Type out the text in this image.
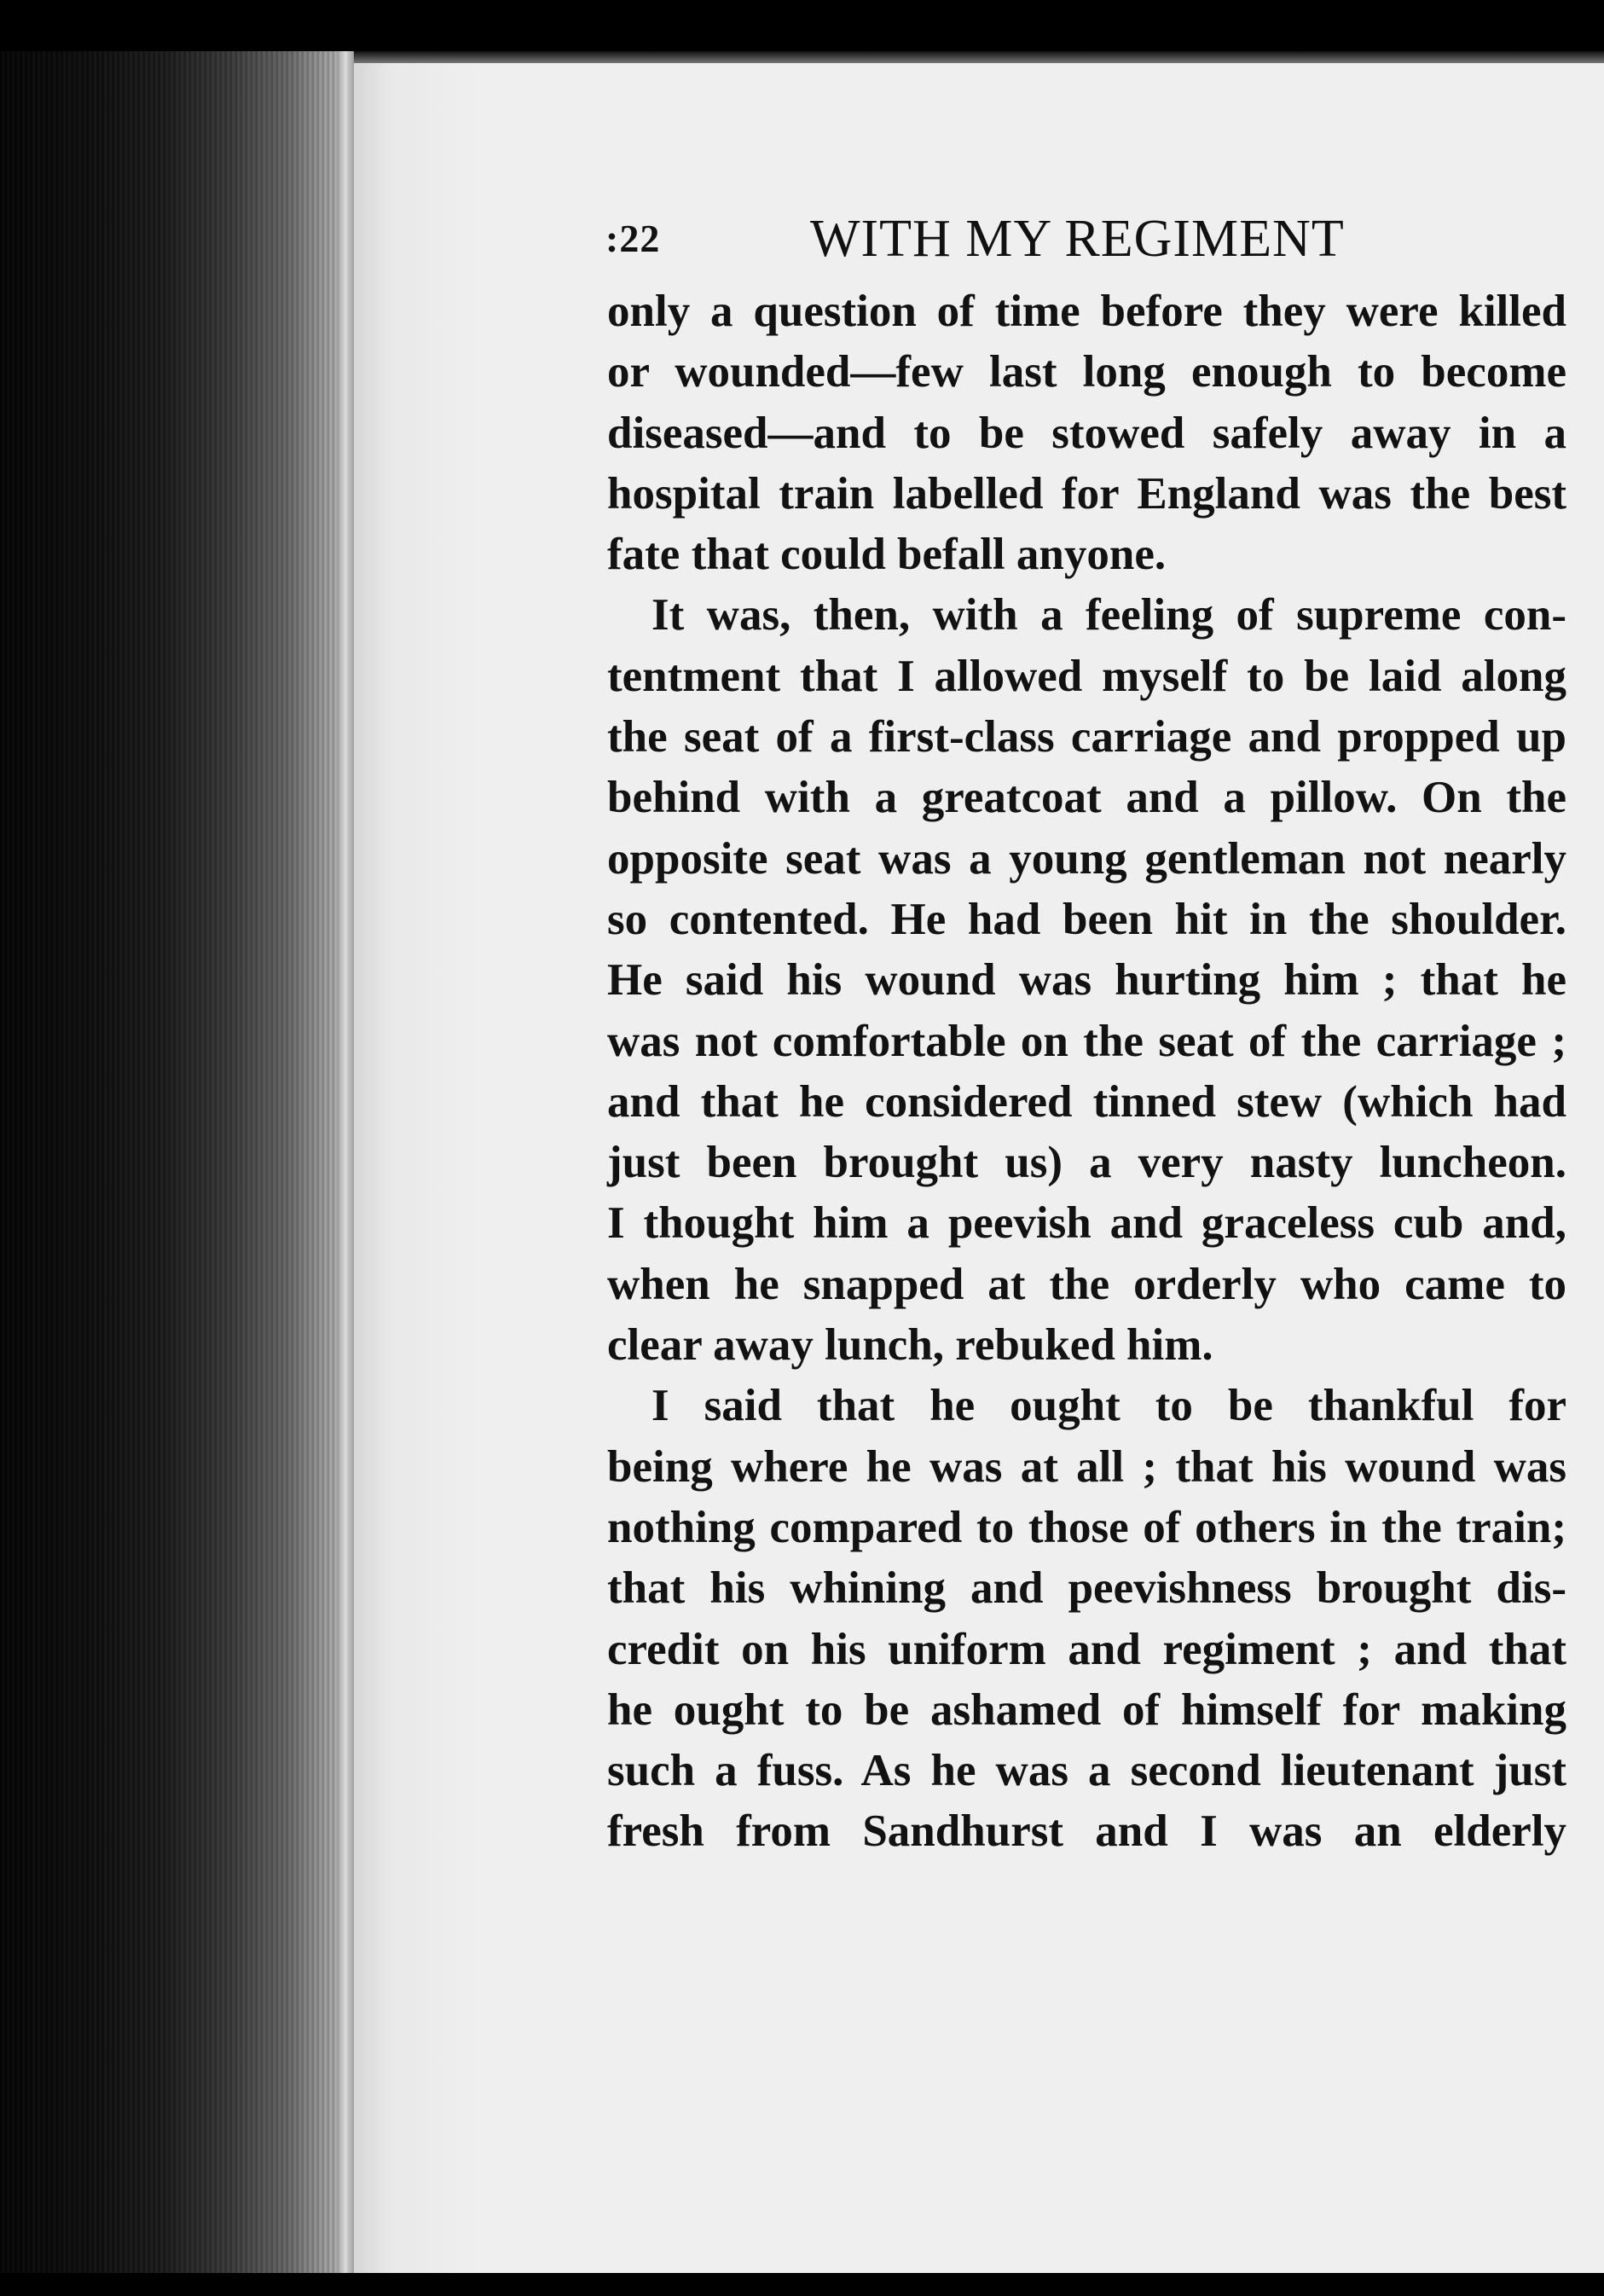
:22	WITH MY REGIMENT
only a question of time before they were killed
or wounded—few last long enough to become
diseased—and to be stowed safely away in a
hospital train labelled for England was the best
fate that could befall anyone.
It was, then, with a feeling of supreme con-
tentment that I allowed myself to be laid along
the seat of a first-class carriage and propped up
behind with a greatcoat and a pillow. On the
opposite seat was a young gentleman not nearly
so contented. He had been hit in the shoulder.
He said his wound was hurting him ; that he
was not comfortable on the seat of the carriage ;
and that he considered tinned stew (which had
just been brought us) a very nasty luncheon.
I thought him a peevish and graceless cub and,
when he snapped at the orderly who came to
clear away lunch, rebuked him.
I said that he ought to be thankful for
being where he was at all ; that his wound was
nothing compared to those of others in the train;
that his whining and peevishness brought dis-
credit on his uniform and regiment ; and that
he ought to be ashamed of himself for making
such a fuss. As he was a second lieutenant just
fresh from Sandhurst and I was an elderly
